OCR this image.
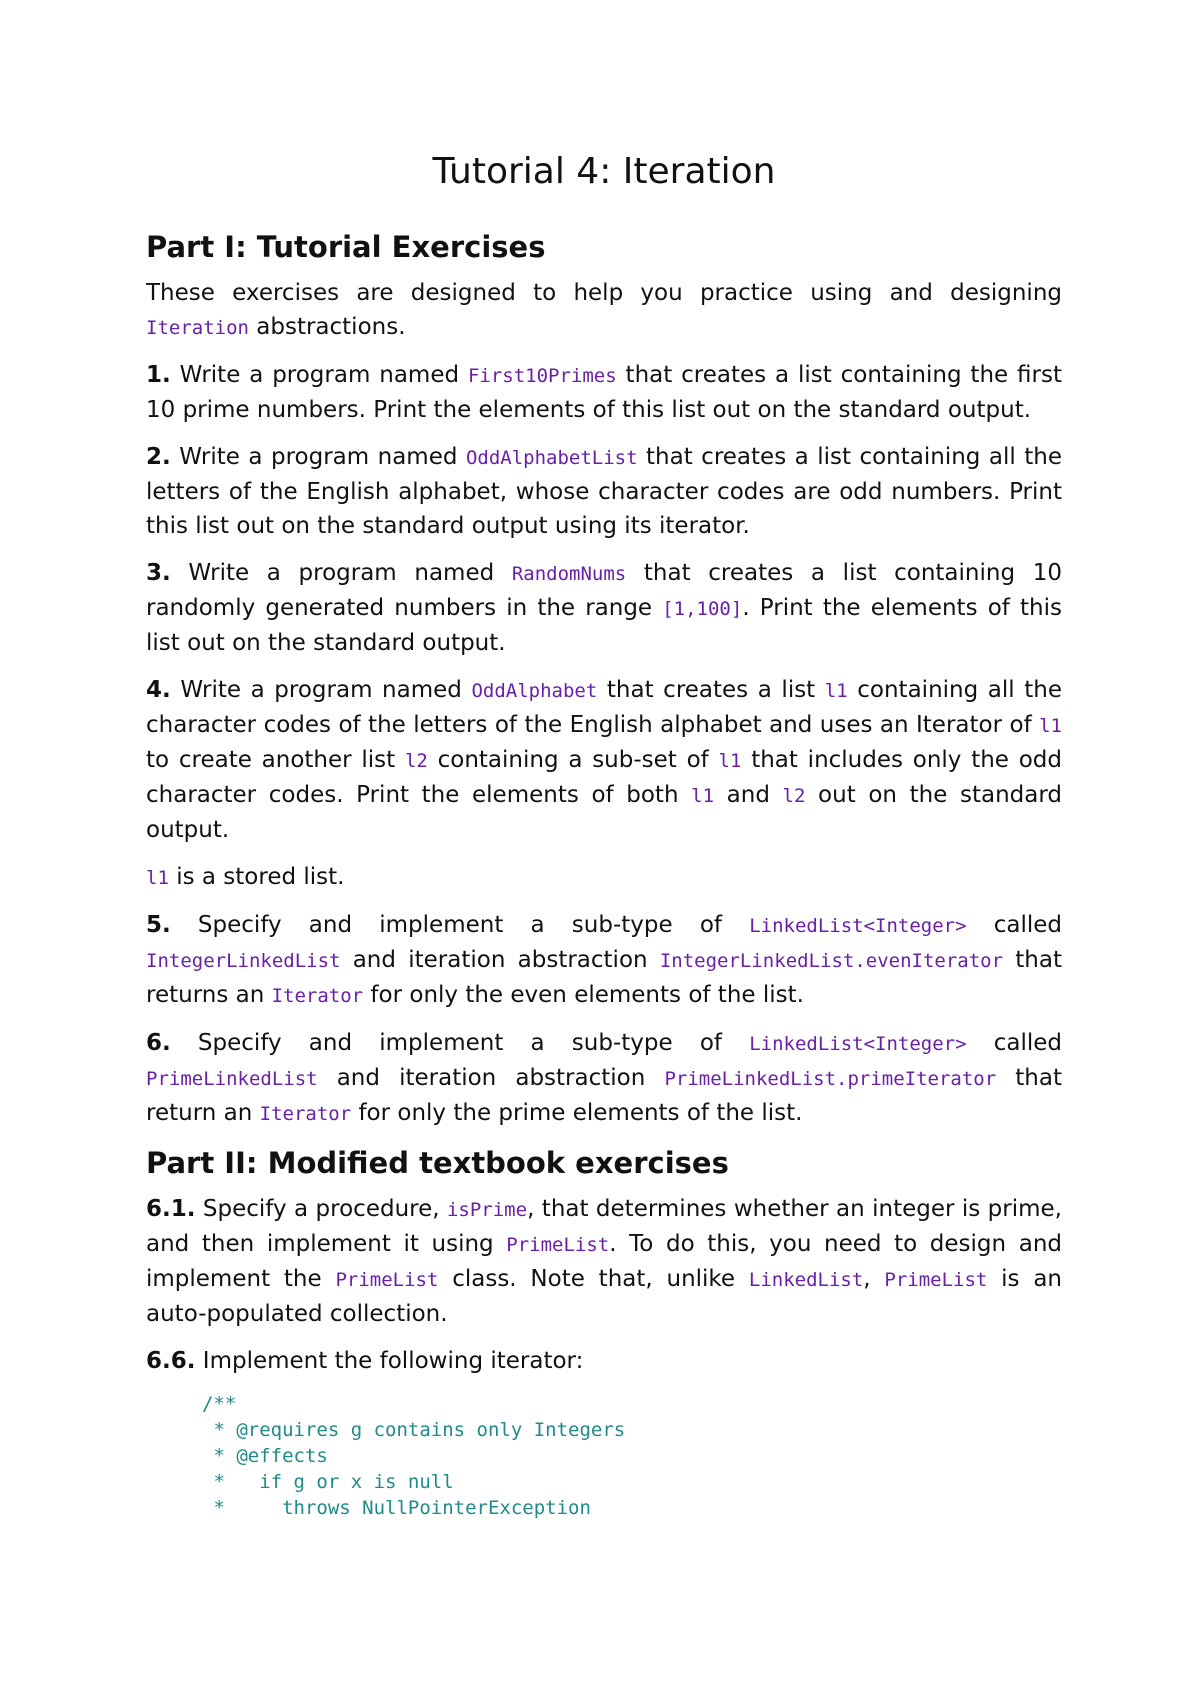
Tutorial 4: Iteration
Part I: Tutorial Exercises

These exercises are designed to help you practice using and designing Iteration abstractions.

1. Write a program named First10Primes that creates a list containing the first 10 prime numbers. Print the elements of this list out on the standard output.

2. Write a program named OddAlphabetList that creates a list containing all the letters of the English alphabet, whose character codes are odd numbers. Print this list out on the standard output using its iterator.

3. Write a program named RandomNums that creates a list containing 10 randomly generated numbers in the range [1,100]. Print the elements of this list out on the standard output.

4. Write a program named OddAlphabet that creates a list l1 containing all the character codes of the letters of the English alphabet and uses an Iterator of l1 to create another list l2 containing a sub-set of l1 that includes only the odd character codes. Print the elements of both l1 and l2 out on the standard output.

l1 is a stored list.

5. Specify and implement a sub-type of LinkedList<Integer> called IntegerLinkedList and iteration abstraction IntegerLinkedList.evenIterator that returns an Iterator for only the even elements of the list.

6. Specify and implement a sub-type of LinkedList<Integer> called PrimeLinkedList and iteration abstraction PrimeLinkedList.primeIterator that return an Iterator for only the prime elements of the list.

Part II: Modified textbook exercises

6.1. Specify a procedure, isPrime, that determines whether an integer is prime, and then implement it using PrimeList. To do this, you need to design and implement the PrimeList class. Note that, unlike LinkedList, PrimeList is an auto-populated collection.

6.6. Implement the following iterator:

/**
* @requires g contains only Integers
* @effects
*   if g or x is null
*     throws NullPointerException
